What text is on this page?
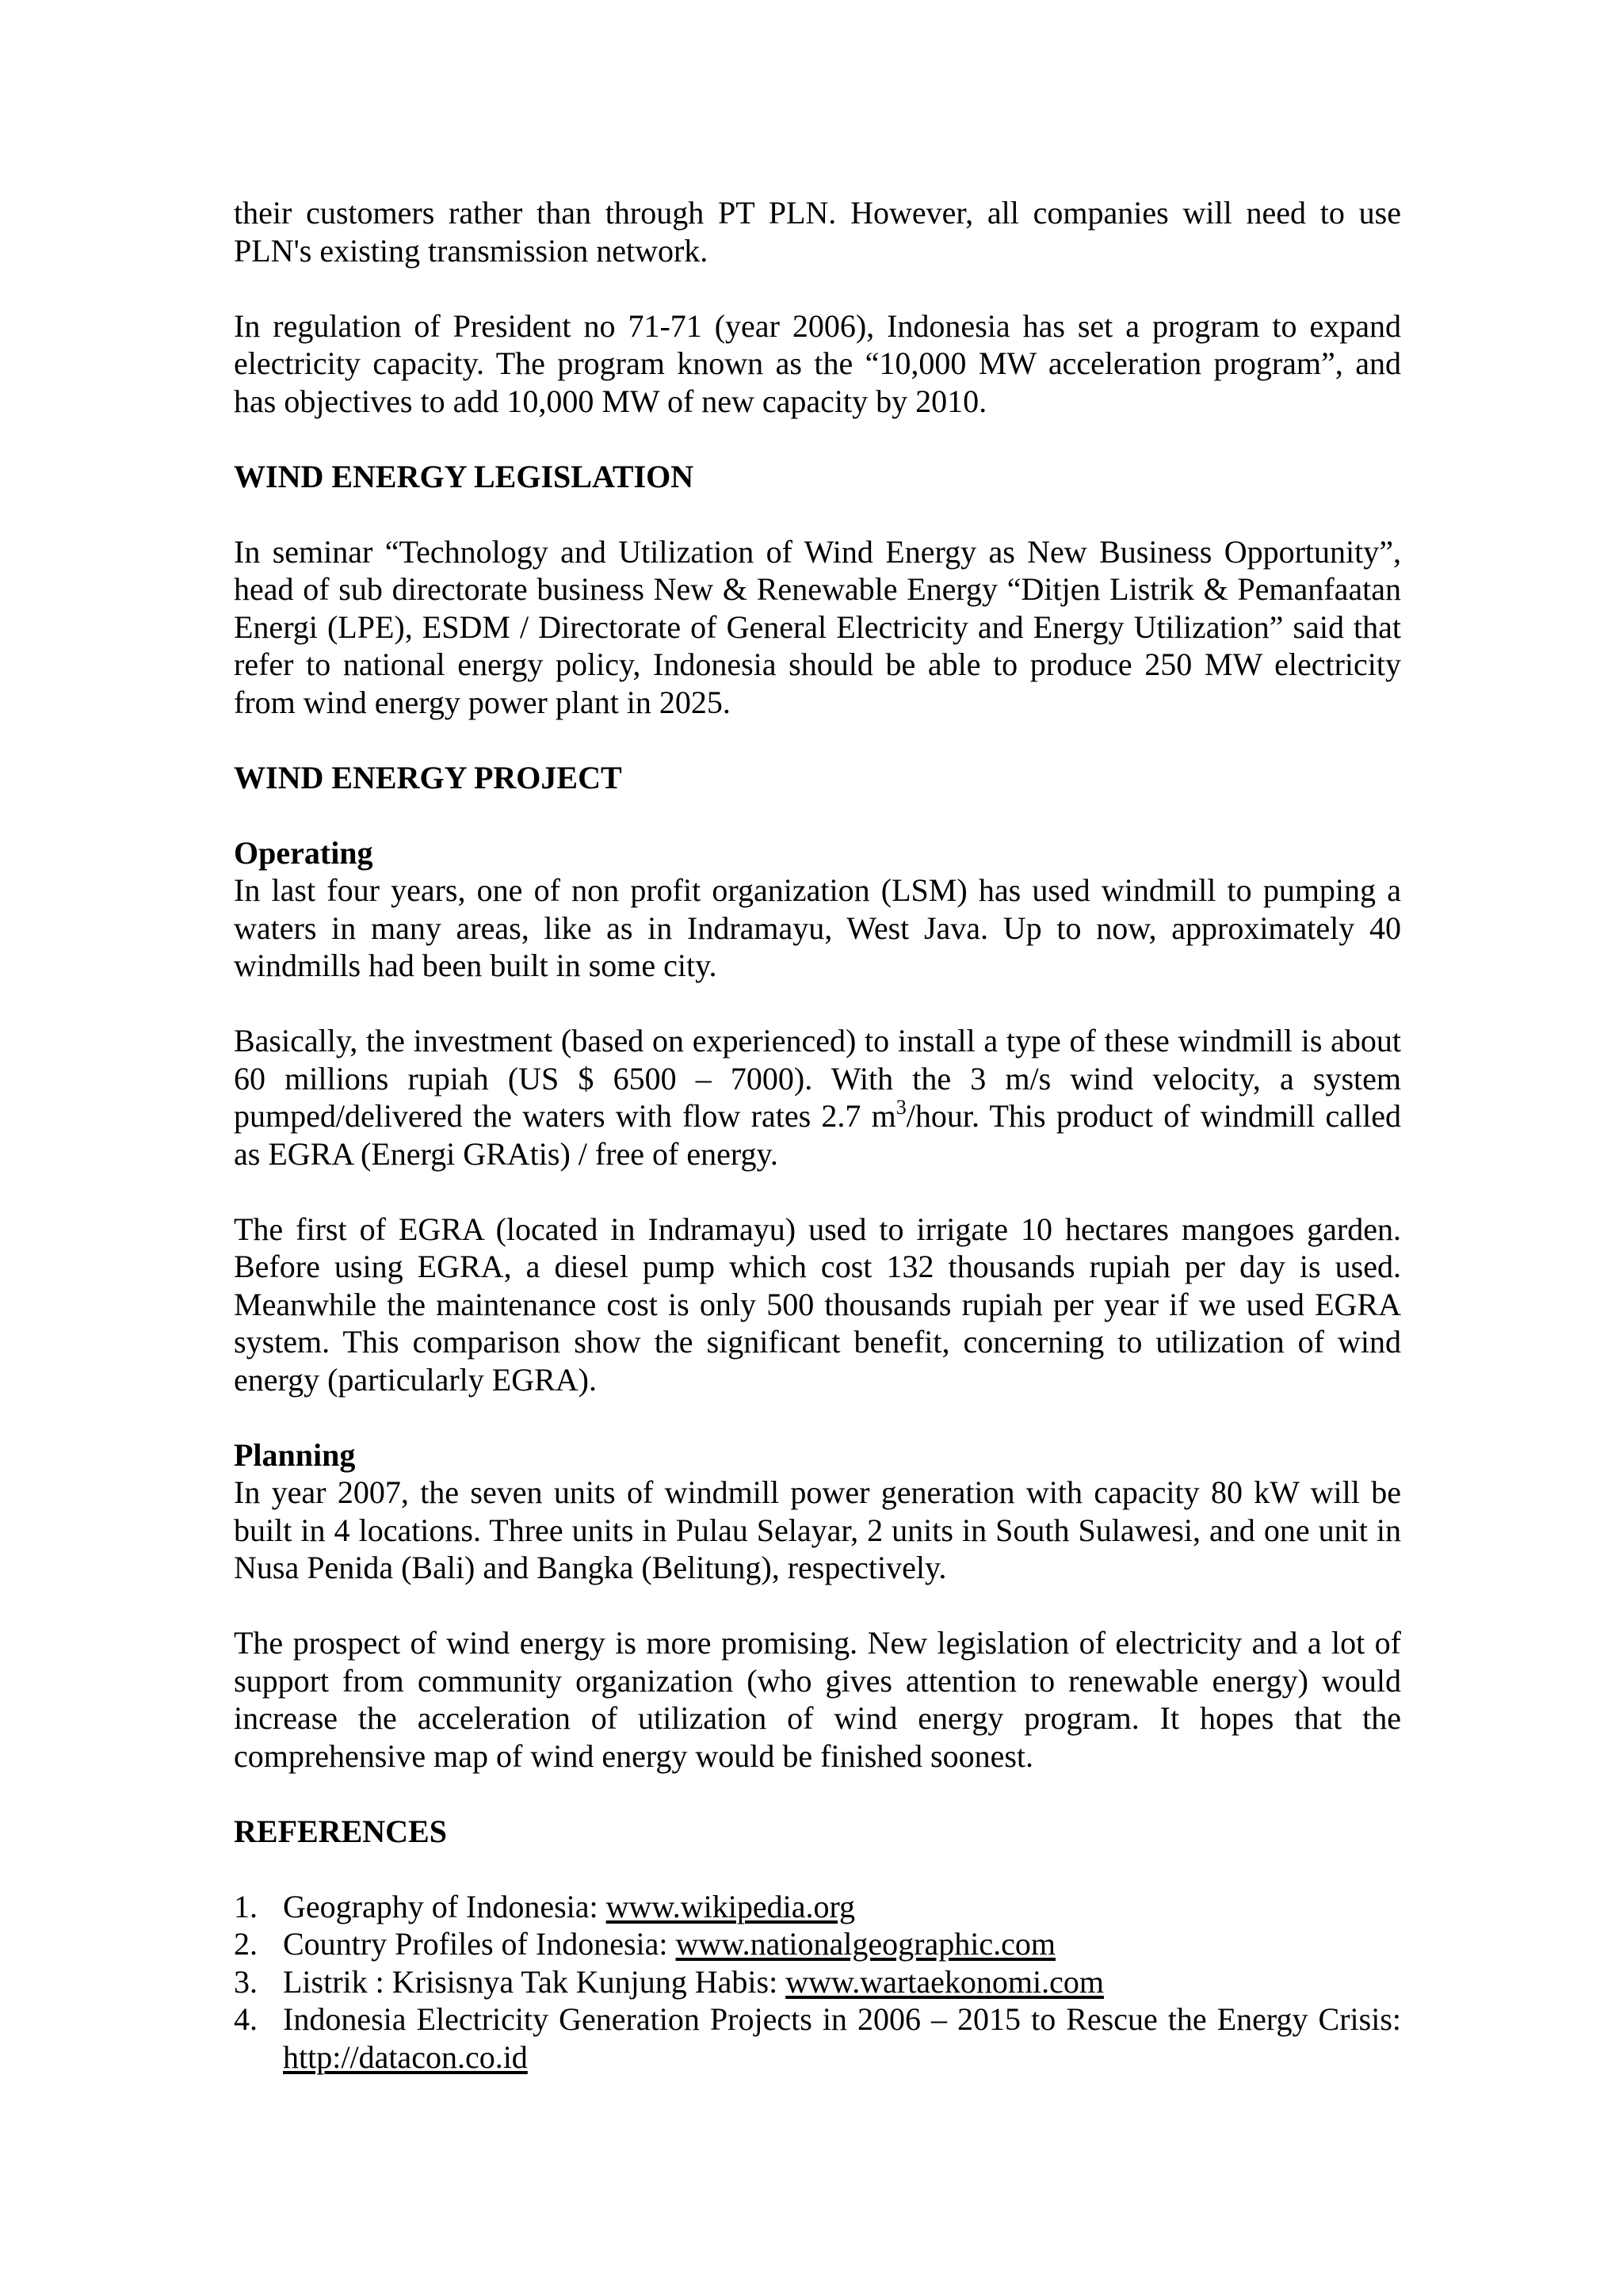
their customers rather than through PT PLN. However, all companies will need to use PLN's existing transmission network.

In regulation of President no 71-71 (year 2006), Indonesia has set a program to expand electricity capacity. The program known as the “10,000 MW acceleration program”, and has objectives to add 10,000 MW of new capacity by 2010.

WIND ENERGY LEGISLATION

In seminar “Technology and Utilization of Wind Energy as New Business Opportunity”, head of sub directorate business New & Renewable Energy “Ditjen Listrik & Pemanfaatan Energi (LPE), ESDM / Directorate of General Electricity and Energy Utilization” said that refer to national energy policy, Indonesia should be able to produce 250 MW electricity from wind energy power plant in 2025.

WIND ENERGY PROJECT
Operating

In last four years, one of non profit organization (LSM) has used windmill to pumping a waters in many areas, like as in Indramayu, West Java. Up to now, approximately 40 windmills had been built in some city.

Basically, the investment (based on experienced) to install a type of these windmill is about 60 millions rupiah (US $ 6500 – 7000). With the 3 m/s wind velocity, a system pumped/delivered the waters with flow rates 2.7 $m^3$/hour. This product of windmill called as EGRA (Energi GRAtis) / free of energy.

The first of EGRA (located in Indramayu) used to irrigate 10 hectares mangoes garden. Before using EGRA, a diesel pump which cost 132 thousands rupiah per day is used. Meanwhile the maintenance cost is only 500 thousands rupiah per year if we used EGRA system. This comparison show the significant benefit, concerning to utilization of wind energy (particularly EGRA).

Planning

In year 2007, the seven units of windmill power generation with capacity 80 kW will be built in 4 locations. Three units in Pulau Selayar, 2 units in South Sulawesi, and one unit in Nusa Penida (Bali) and Bangka (Belitung), respectively.

The prospect of wind energy is more promising. New legislation of electricity and a lot of support from community organization (who gives attention to renewable energy) would increase the acceleration of utilization of wind energy program. It hopes that the comprehensive map of wind energy would be finished soonest.

REFERENCES
1. Geography of Indonesia: www.wikipedia.org
2. Country Profiles of Indonesia: www.nationalgeographic.com
3. Listrik : Krisisnya Tak Kunjung Habis: www.wartaekonomi.com
4. Indonesia Electricity Generation Projects in 2006 – 2015 to Rescue the Energy Crisis: http://datacon.co.id
